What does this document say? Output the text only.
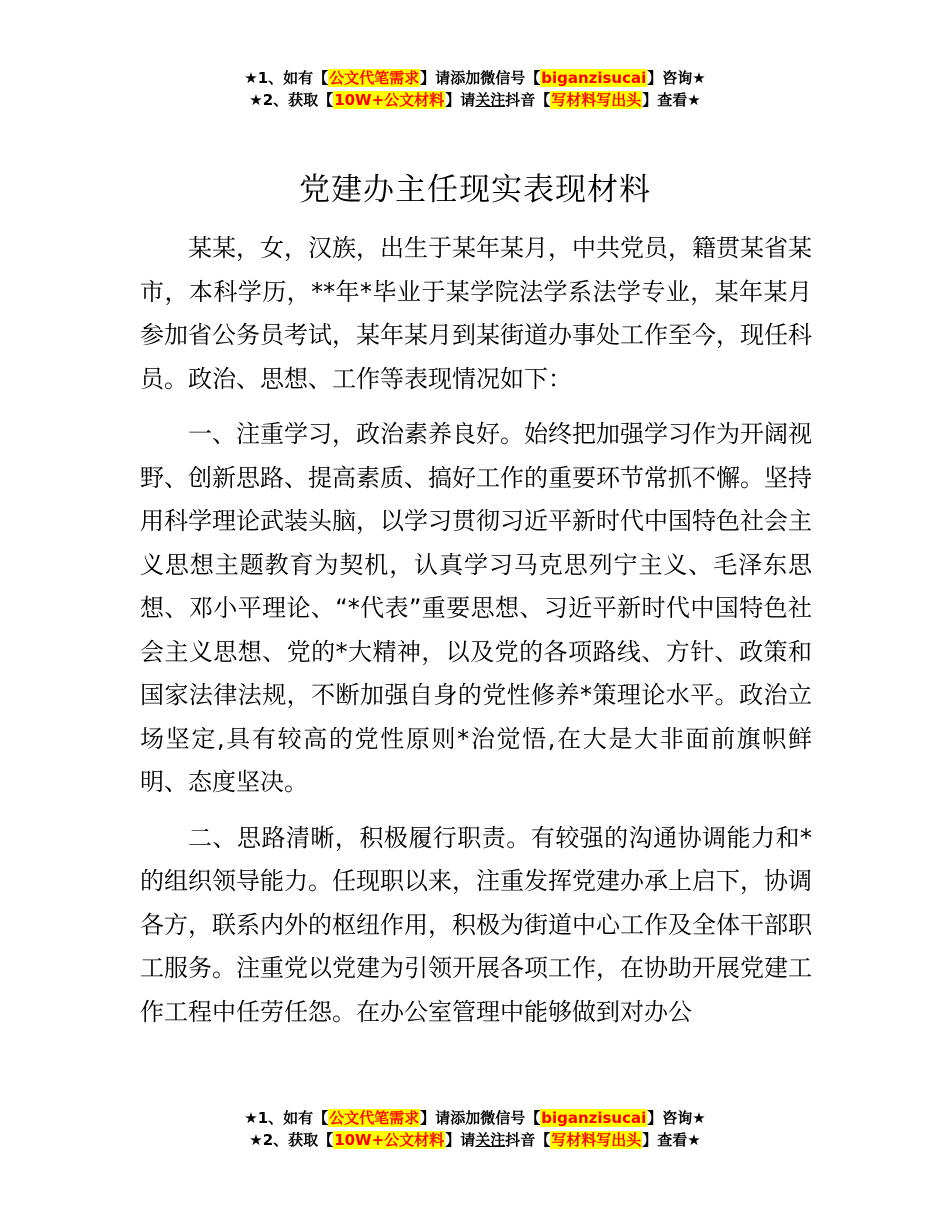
★1、如有【公文代笔需求】请添加微信号【biganzisucai】咨询★
★2、获取【10W+公文材料】请关注抖音【写材料写出头】查看★
党建办主任现实表现材料

某某，女，汉族，出生于某年某月，中共党员，籍贯某省某市，本科学历，**年*毕业于某学院法学系法学专业，某年某月参加省公务员考试，某年某月到某街道办事处工作至今，现任科员。政治、思想、工作等表现情况如下：

一、注重学习，政治素养良好。始终把加强学习作为开阔视野、创新思路、提高素质、搞好工作的重要环节常抓不懈。坚持用科学理论武装头脑，以学习贯彻习近平新时代中国特色社会主义思想主题教育为契机，认真学习马克思列宁主义、毛泽东思想、邓小平理论、“*代表”重要思想、习近平新时代中国特色社会主义思想、党的*大精神，以及党的各项路线、方针、政策和国家法律法规，不断加强自身的党性修养*策理论水平。政治立场坚定,具有较高的党性原则*治觉悟,在大是大非面前旗帜鲜明、态度坚决。

二、思路清晰，积极履行职责。有较强的沟通协调能力和*的组织领导能力。任现职以来，注重发挥党建办承上启下，协调各方，联系内外的枢纽作用，积极为街道中心工作及全体干部职工服务。注重党以党建为引领开展各项工作，在协助开展党建工作工程中任劳任怨。在办公室管理中能够做到对办公

★1、如有【公文代笔需求】请添加微信号【biganzisucai】咨询★
★2、获取【10W+公文材料】请关注抖音【写材料写出头】查看★
